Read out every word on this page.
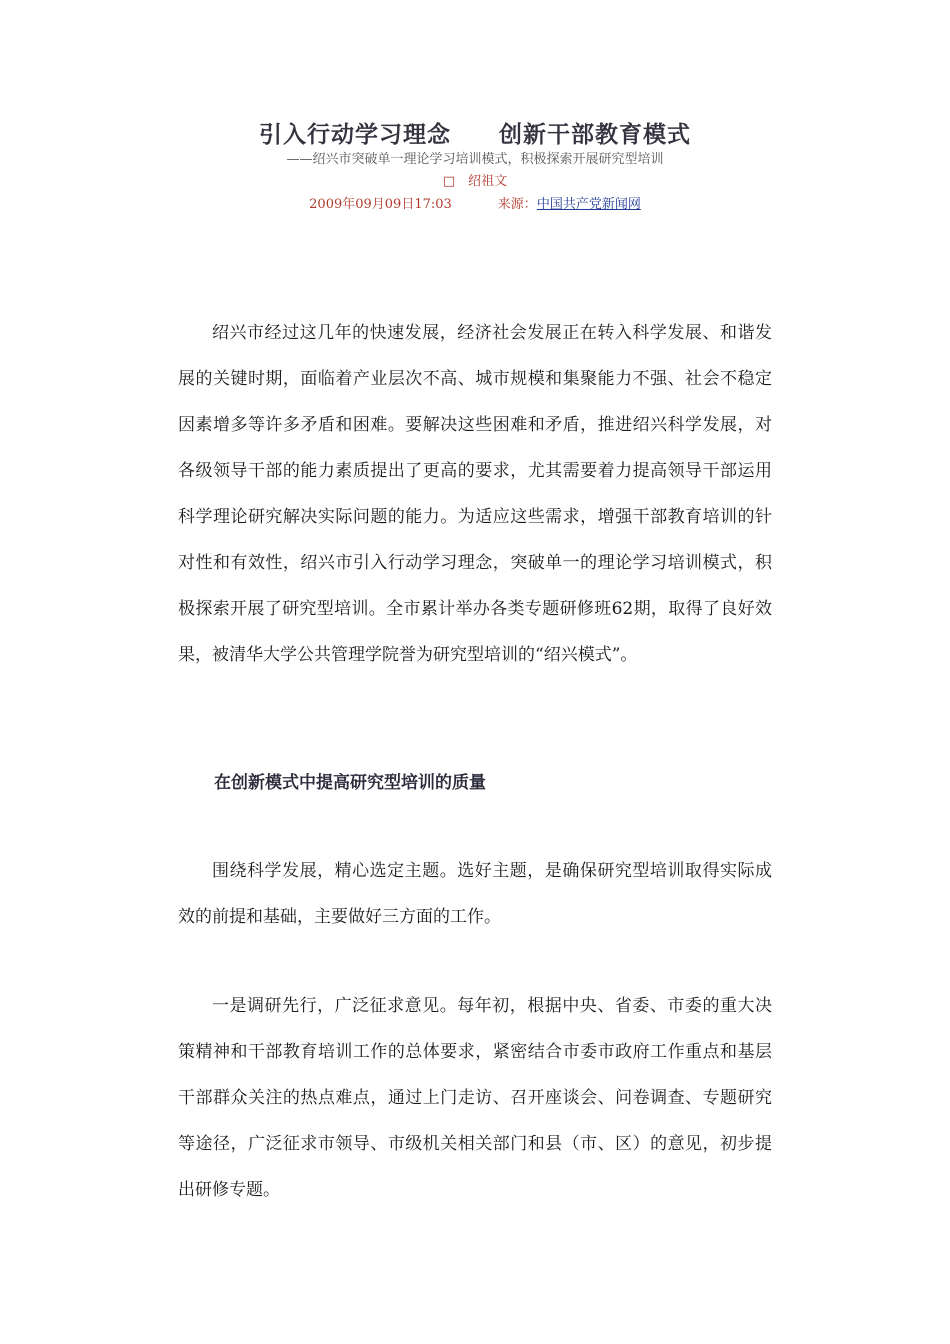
引入行动学习理念　　创新干部教育模式
——绍兴市突破单一理论学习培训模式，积极探索开展研究型培训
□　绍祖文
2009年09月09日17:03	来源：中国共产党新闻网

绍兴市经过这几年的快速发展，经济社会发展正在转入科学发展、和谐发展的关键时期，面临着产业层次不高、城市规模和集聚能力不强、社会不稳定因素增多等许多矛盾和困难。要解决这些困难和矛盾，推进绍兴科学发展，对各级领导干部的能力素质提出了更高的要求，尤其需要着力提高领导干部运用科学理论研究解决实际问题的能力。为适应这些需求，增强干部教育培训的针对性和有效性，绍兴市引入行动学习理念，突破单一的理论学习培训模式，积极探索开展了研究型培训。全市累计举办各类专题研修班62期，取得了良好效果，被清华大学公共管理学院誉为研究型培训的“绍兴模式”。

在创新模式中提高研究型培训的质量

围绕科学发展，精心选定主题。选好主题，是确保研究型培训取得实际成效的前提和基础，主要做好三方面的工作。

一是调研先行，广泛征求意见。每年初，根据中央、省委、市委的重大决策精神和干部教育培训工作的总体要求，紧密结合市委市政府工作重点和基层干部群众关注的热点难点，通过上门走访、召开座谈会、问卷调查、专题研究等途径，广泛征求市领导、市级机关相关部门和县（市、区）的意见，初步提出研修专题。
